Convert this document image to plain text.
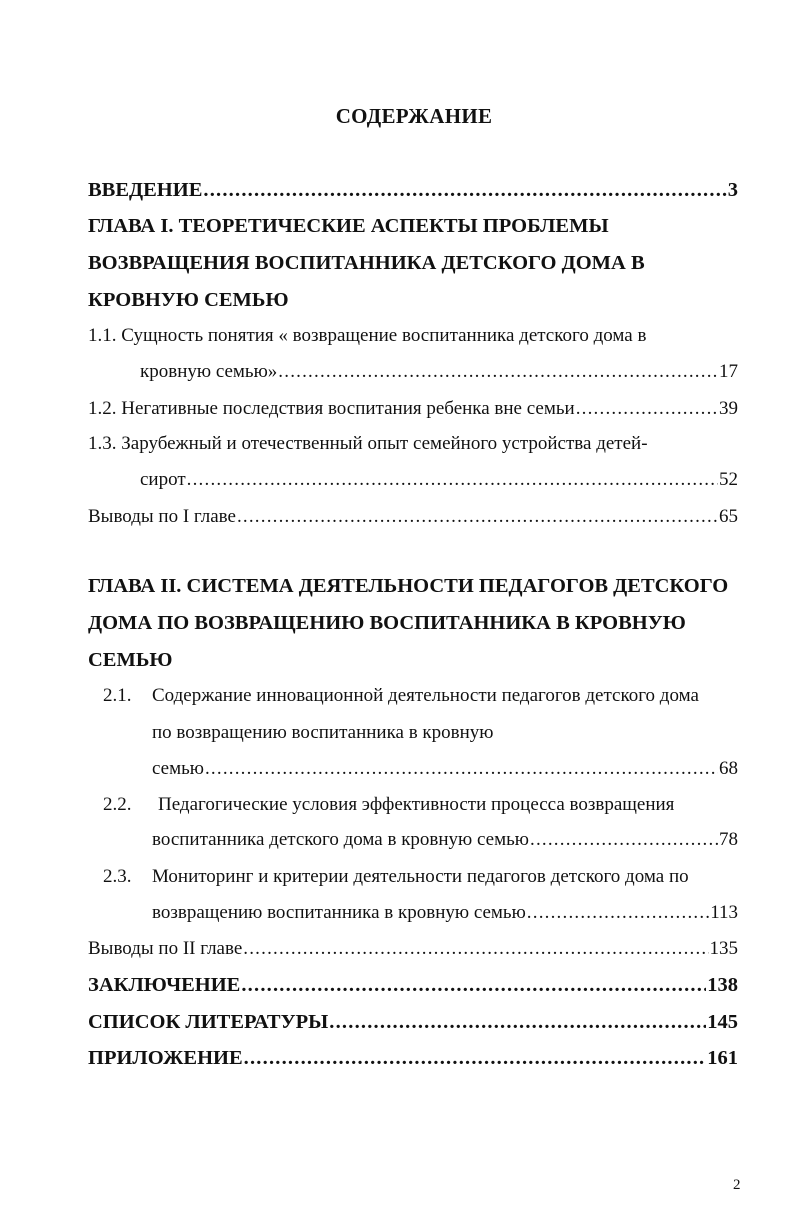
СОДЕРЖАНИЕ
ВВЕДЕНИЕ .....	3
ГЛАВА I. ТЕОРЕТИЧЕСКИЕ АСПЕКТЫ ПРОБЛЕМЫ
ВОЗВРАЩЕНИЯ ВОСПИТАННИКА ДЕТСКОГО ДОМА В
КРОВНУЮ СЕМЬЮ
1.1. Сущность понятия « возвращение воспитанника детского дома в
кровную семью» .....	17
1.2. Негативные последствия воспитания ребенка вне семьи .....	39
1.3. Зарубежный и отечественный опыт семейного устройства детей-
сирот .....	52
Выводы по I главе .....	65
ГЛАВА II. СИСТЕМА ДЕЯТЕЛЬНОСТИ ПЕДАГОГОВ ДЕТСКОГО
ДОМА ПО ВОЗВРАЩЕНИЮ ВОСПИТАННИКА В КРОВНУЮ
СЕМЬЮ
2.1. Содержание инновационной деятельности педагогов детского дома
по возвращению воспитанника в кровную
семью .....	68
2.2. Педагогические условия эффективности процесса возвращения
воспитанника детского дома в кровную семью .....	78
2.3. Мониторинг и критерии деятельности педагогов детского дома по
возвращению воспитанника в кровную семью .....	113
Выводы по II главе .....	135
ЗАКЛЮЧЕНИЕ .....	138
СПИСОК ЛИТЕРАТУРЫ .....	145
ПРИЛОЖЕНИЕ .....	161
2
